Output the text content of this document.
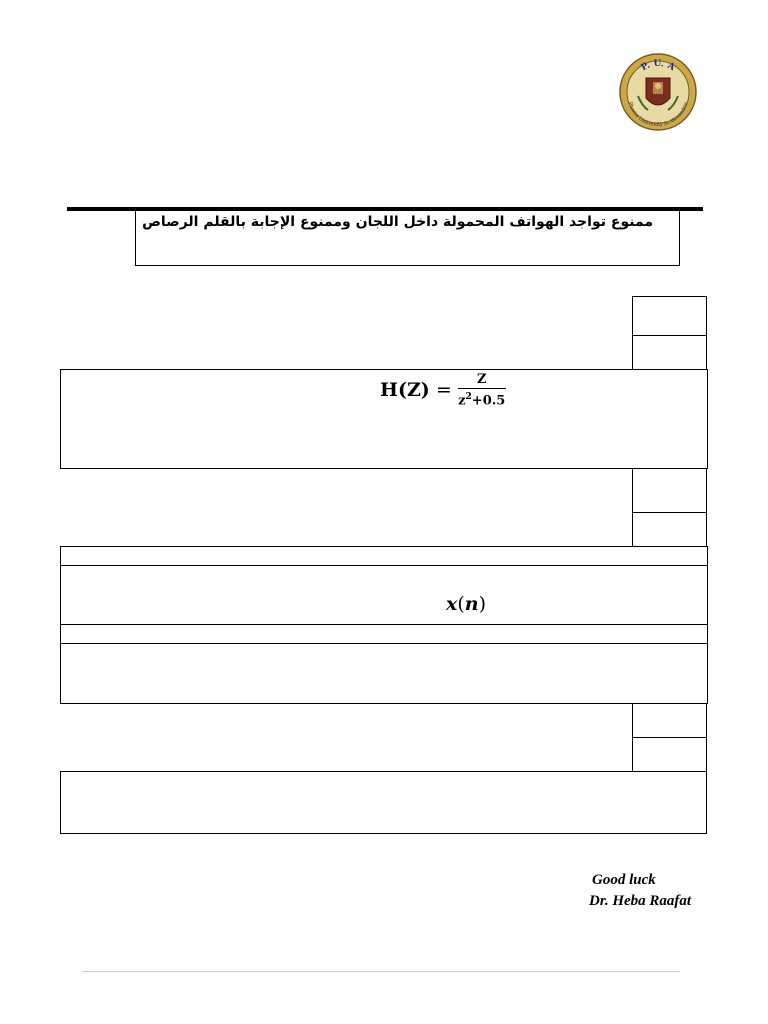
P. U. A
Pharos University in Alexandria
ممنوع تواجد الهواتف المحمولة داخل اللجان وممنوع الإجابة بالقلم الرصاص
$H(Z) = \frac{Z}{z^2+0.5}$
x(n)
Good luck
Dr. Heba Raafat
